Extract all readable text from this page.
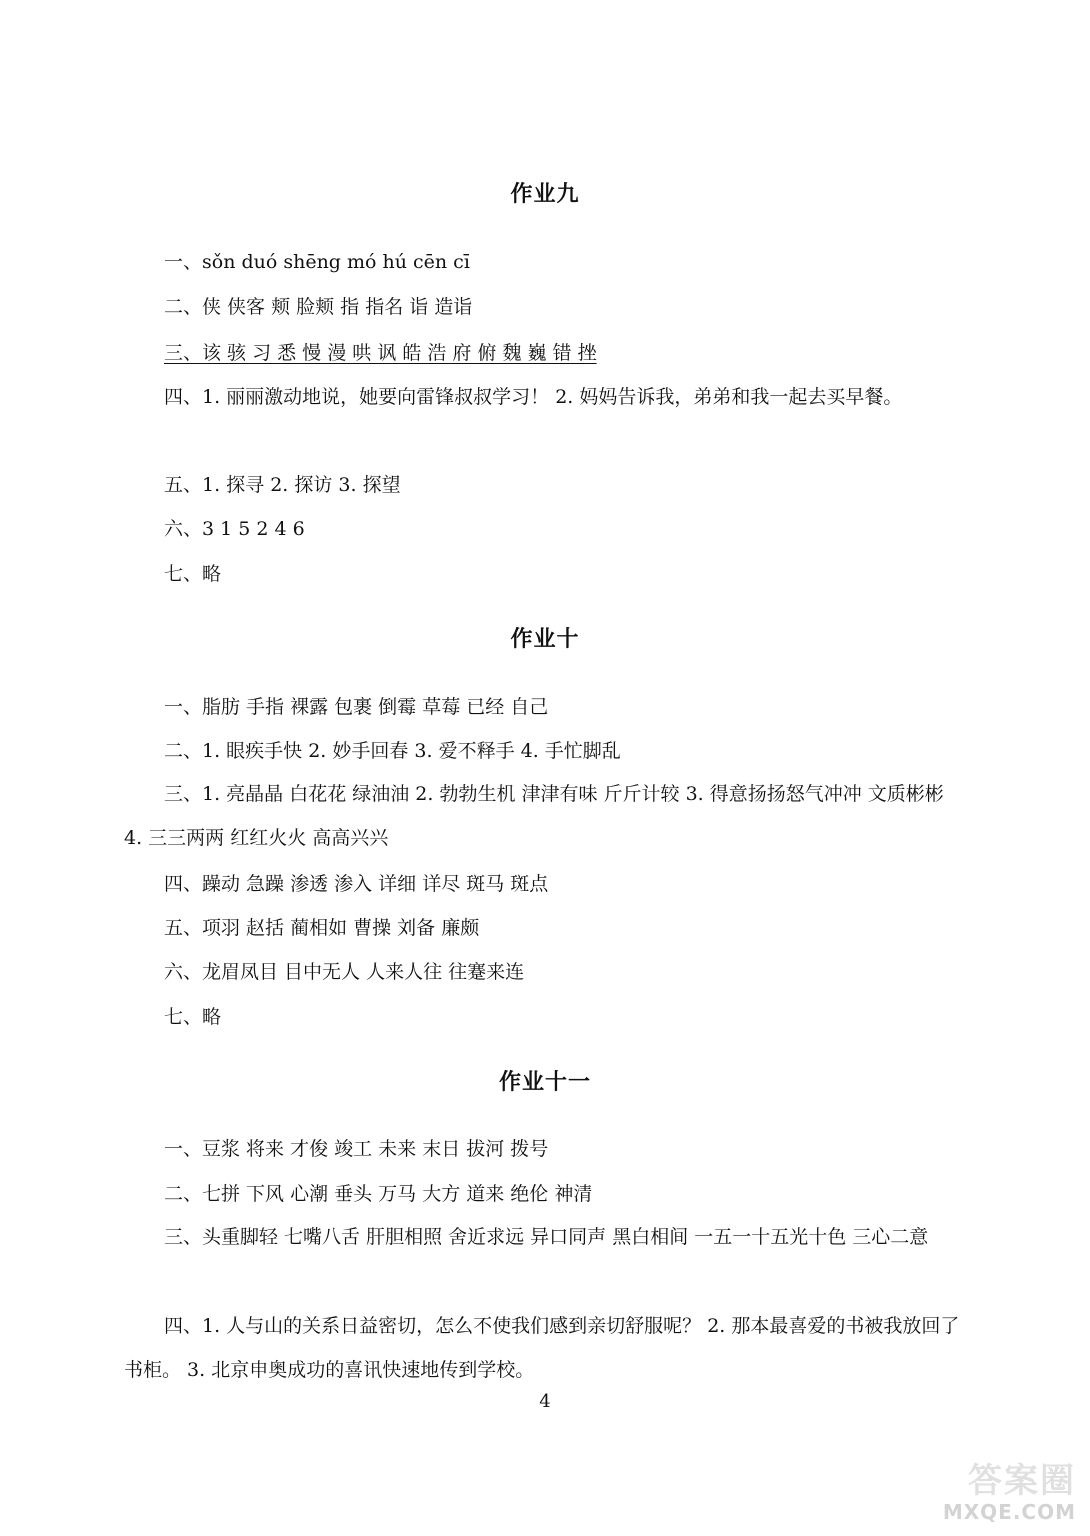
作业九
一、sǒn duó shēng mó hú cēn cī
二、侠 侠客 颊 脸颊 指 指名 诣 造诣
三、该 骇 习 悉 慢 漫 哄 讽 皓 浩 府 俯 魏 巍 错 挫
四、1. 丽丽激动地说，她要向雷锋叔叔学习！ 2. 妈妈告诉我，弟弟和我一起去买早餐。
五、1. 探寻 2. 探访 3. 探望
六、3 1 5 2 4 6
七、略
作业十
一、脂肪 手指 裸露 包裹 倒霉 草莓 已经 自己
二、1. 眼疾手快 2. 妙手回春 3. 爱不释手 4. 手忙脚乱
三、1. 亮晶晶 白花花 绿油油 2. 勃勃生机 津津有味 斤斤计较 3. 得意扬扬怒气冲冲 文质彬彬 4. 三三两两 红红火火 高高兴兴
四、躁动 急躁 渗透 渗入 详细 详尽 斑马 斑点
五、项羽 赵括 蔺相如 曹操 刘备 廉颇
六、龙眉凤目 目中无人 人来人往 往蹇来连
七、略
作业十一
一、豆浆 将来 才俊 竣工 未来 末日 拔河 拨号
二、七拼 下风 心潮 垂头 万马 大方 道来 绝伦 神清
三、头重脚轻 七嘴八舌 肝胆相照 舍近求远 异口同声 黑白相间 一五一十五光十色 三心二意
四、1. 人与山的关系日益密切，怎么不使我们感到亲切舒服呢？ 2. 那本最喜爱的书被我放回了书柜。 3. 北京申奥成功的喜讯快速地传到学校。
4
答案圈
MXQE.COM
